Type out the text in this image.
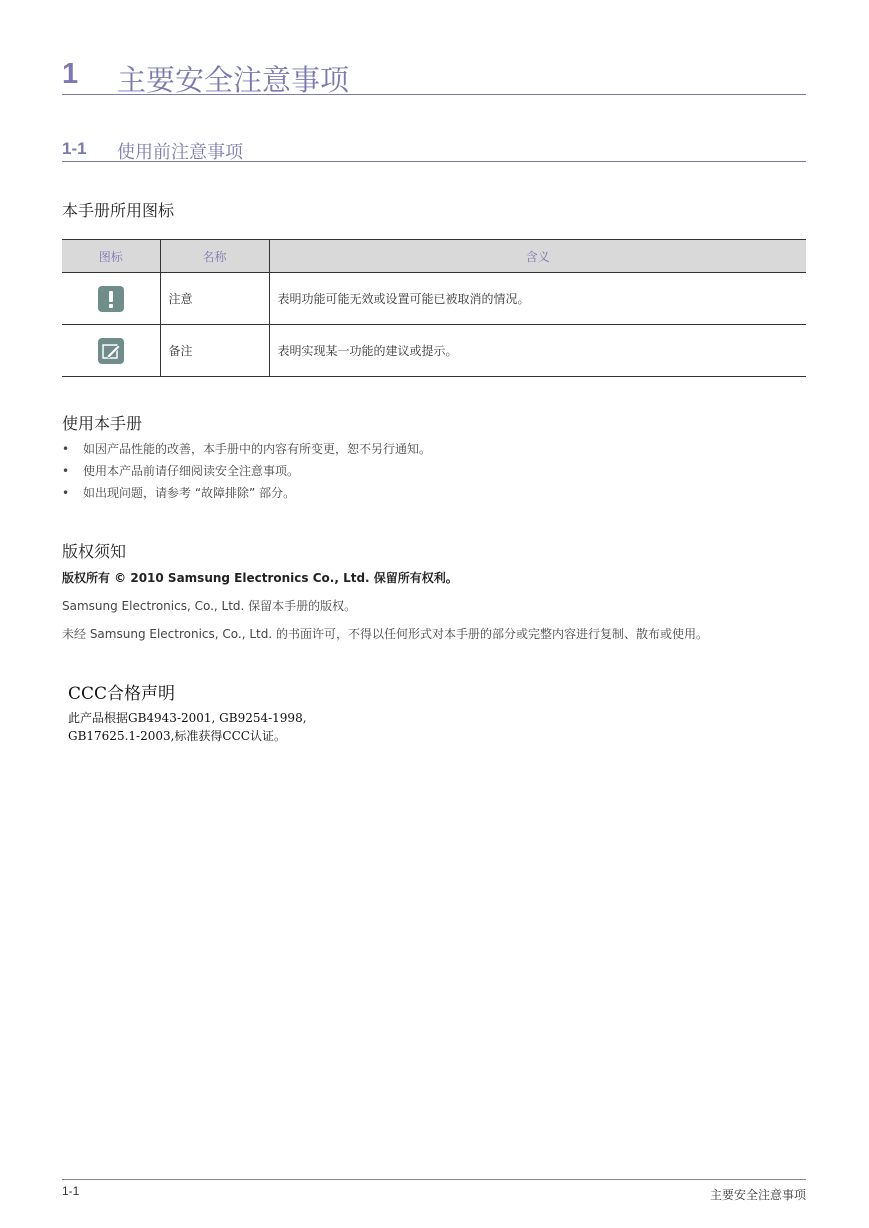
1 主要安全注意事项
1-1 使用前注意事项
本手册所用图标
图标	名称	含义

	注意	表明功能可能无效或设置可能已被取消的情况。

	备注	表明实现某一功能的建议或提示。
使用本手册
• 如因产品性能的改善，本手册中的内容有所变更，恕不另行通知。
• 使用本产品前请仔细阅读安全注意事项。
• 如出现问题，请参考 “故障排除” 部分。
版权须知
版权所有 © 2010 Samsung Electronics Co., Ltd. 保留所有权利。
Samsung Electronics, Co., Ltd. 保留本手册的版权。
未经 Samsung Electronics, Co., Ltd. 的书面许可，不得以任何形式对本手册的部分或完整内容进行复制、散布或使用。
CCC合格声明
此产品根据GB4943-2001, GB9254-1998,
GB17625.1-2003,标准获得CCC认证。
1-1	主要安全注意事项
